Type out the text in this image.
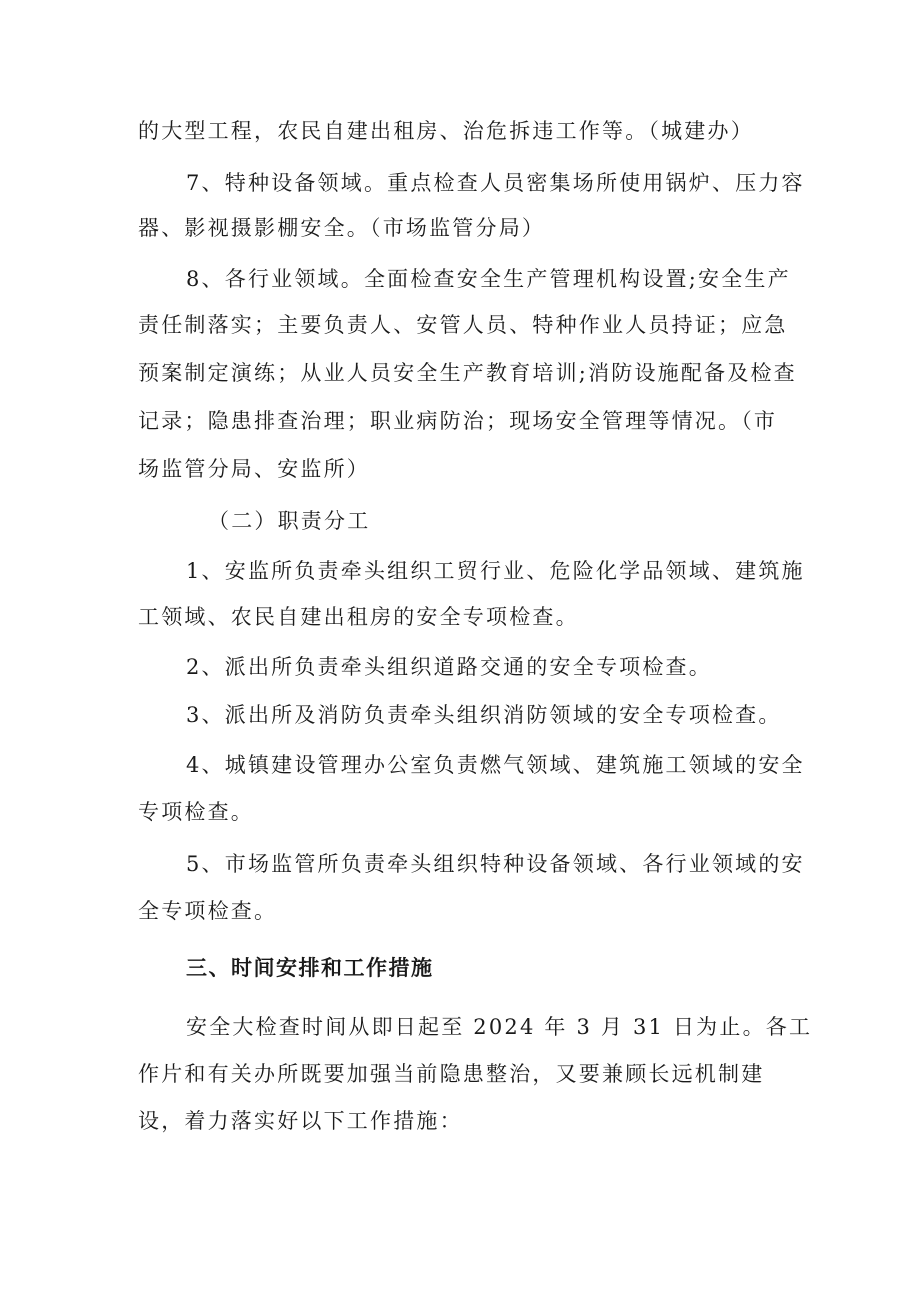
的大型工程，农民自建出租房、治危拆违工作等。（城建办）
7、特种设备领域。重点检查人员密集场所使用锅炉、压力容
器、影视摄影棚安全。（市场监管分局）
8、各行业领域。全面检查安全生产管理机构设置;安全生产
责任制落实；主要负责人、安管人员、特种作业人员持证；应急
预案制定演练；从业人员安全生产教育培训;消防设施配备及检查
记录；隐患排查治理；职业病防治；现场安全管理等情况。（市
场监管分局、安监所）
（二）职责分工
1、安监所负责牵头组织工贸行业、危险化学品领域、建筑施
工领域、农民自建出租房的安全专项检查。
2、派出所负责牵头组织道路交通的安全专项检查。
3、派出所及消防负责牵头组织消防领域的安全专项检查。
4、城镇建设管理办公室负责燃气领域、建筑施工领域的安全
专项检查。
5、市场监管所负责牵头组织特种设备领域、各行业领域的安
全专项检查。
三、时间安排和工作措施
安全大检查时间从即日起至 2024 年 3 月 31 日为止。各工
作片和有关办所既要加强当前隐患整治，又要兼顾长远机制建
设，着力落实好以下工作措施：
